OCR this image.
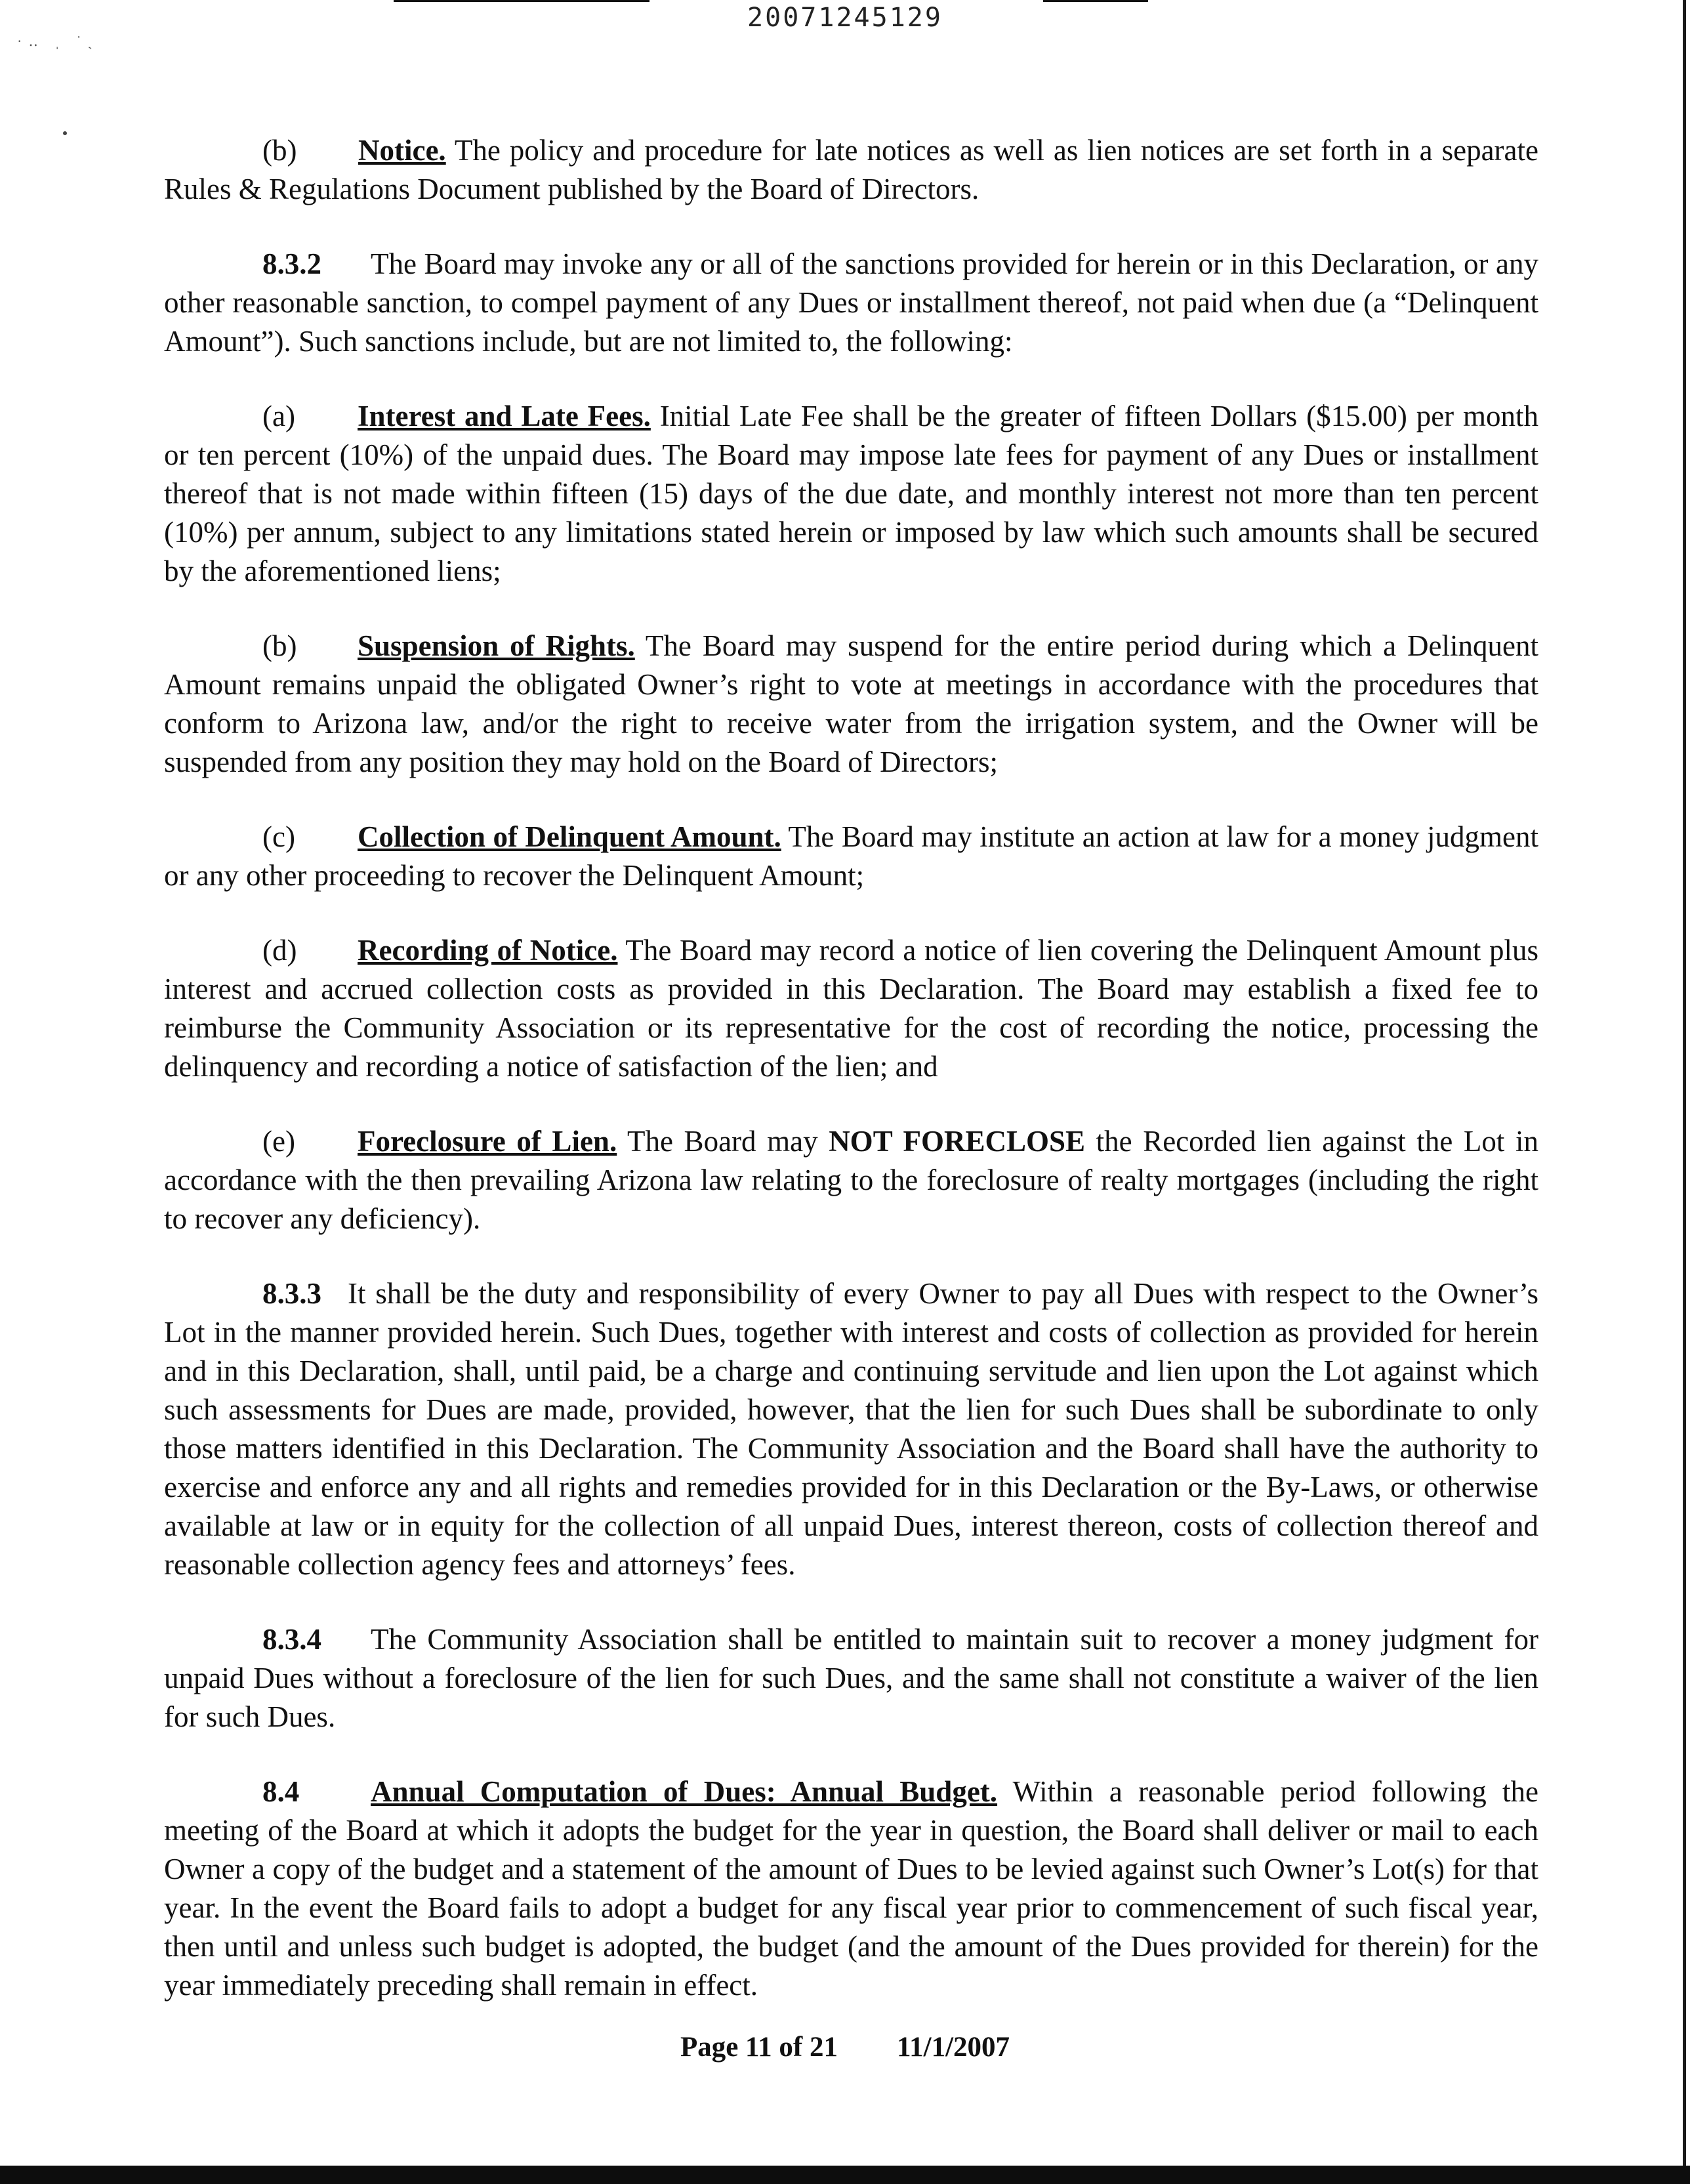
20071245129
·‥ ˌ ˙ˎ

(b) Notice. The policy and procedure for late notices as well as lien notices are set forth in a separate Rules & Regulations Document published by the Board of Directors.

8.3.2 The Board may invoke any or all of the sanctions provided for herein or in this Declaration, or any other reasonable sanction, to compel payment of any Dues or installment thereof, not paid when due (a “Delinquent Amount”). Such sanctions include, but are not limited to, the following:

(a) Interest and Late Fees. Initial Late Fee shall be the greater of fifteen Dollars ($15.00) per month or ten percent (10%) of the unpaid dues. The Board may impose late fees for payment of any Dues or installment thereof that is not made within fifteen (15) days of the due date, and monthly interest not more than ten percent (10%) per annum, subject to any limitations stated herein or imposed by law which such amounts shall be secured by the aforementioned liens;

(b) Suspension of Rights. The Board may suspend for the entire period during which a Delinquent Amount remains unpaid the obligated Owner’s right to vote at meetings in accordance with the procedures that conform to Arizona law, and/or the right to receive water from the irrigation system, and the Owner will be suspended from any position they may hold on the Board of Directors;

(c) Collection of Delinquent Amount. The Board may institute an action at law for a money judgment or any other proceeding to recover the Delinquent Amount;

(d) Recording of Notice. The Board may record a notice of lien covering the Delinquent Amount plus interest and accrued collection costs as provided in this Declaration. The Board may establish a fixed fee to reimburse the Community Association or its representative for the cost of recording the notice, processing the delinquency and recording a notice of satisfaction of the lien; and

(e) Foreclosure of Lien. The Board may NOT FORECLOSE the Recorded lien against the Lot in accordance with the then prevailing Arizona law relating to the foreclosure of realty mortgages (including the right to recover any deficiency).

8.3.3 It shall be the duty and responsibility of every Owner to pay all Dues with respect to the Owner’s Lot in the manner provided herein. Such Dues, together with interest and costs of collection as provided for herein and in this Declaration, shall, until paid, be a charge and continuing servitude and lien upon the Lot against which such assessments for Dues are made, provided, however, that the lien for such Dues shall be subordinate to only those matters identified in this Declaration. The Community Association and the Board shall have the authority to exercise and enforce any and all rights and remedies provided for in this Declaration or the By-Laws, or otherwise available at law or in equity for the collection of all unpaid Dues, interest thereon, costs of collection thereof and reasonable collection agency fees and attorneys’ fees.

8.3.4 The Community Association shall be entitled to maintain suit to recover a money judgment for unpaid Dues without a foreclosure of the lien for such Dues, and the same shall not constitute a waiver of the lien for such Dues.

8.4 Annual Computation of Dues: Annual Budget. Within a reasonable period following the meeting of the Board at which it adopts the budget for the year in question, the Board shall deliver or mail to each Owner a copy of the budget and a statement of the amount of Dues to be levied against such Owner’s Lot(s) for that year. In the event the Board fails to adopt a budget for any fiscal year prior to commencement of such fiscal year, then until and unless such budget is adopted, the budget (and the amount of the Dues provided for therein) for the year immediately preceding shall remain in effect.

Page 11 of 21 11/1/2007
